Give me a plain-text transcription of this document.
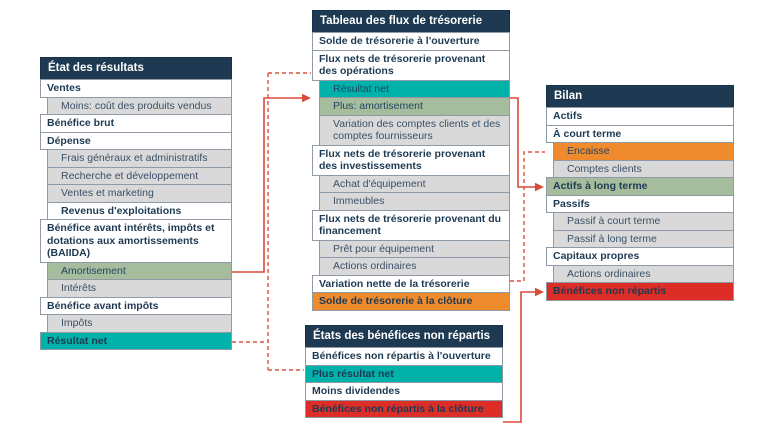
État des résultats
Ventes
Moins: coût des produits vendus
Bénéfice brut
Dépense
Frais généraux et administratifs
Recherche et développement
Ventes et marketing
Revenus d'exploitations
Bénéfice avant intérêts, impôts et dotations aux amortissements (BAIIDA)
Amortisement
Intérêts
Bénéfice avant impôts
Impôts
Résultat net
Tableau des flux de trésorerie
Solde de trésorerie à l'ouverture
Flux nets de trésorerie provenant des opérations
Résultat net
Plus: amortisement
Variation des comptes clients et des comptes fournisseurs
Flux nets de trésorerie provenant des investissements
Achat d'équipement
Immeubles
Flux nets de trésorerie provenant du financement
Prêt pour équipement
Actions ordinaires
Variation nette de la trésorerie
Solde de trésorerie à la clôture
États des bénéfices non répartis
Bénéfices non répartis à l'ouverture
Plus résultat net
Moins dividendes
Bénéfices non répartis à la clôture
Bilan
Actifs
À court terme
Encaisse
Comptes clients
Actifs à long terme
Passifs
Passif à court terme
Passif à long terme
Capitaux propres
Actions ordinaires
Bénéfices non répartis
